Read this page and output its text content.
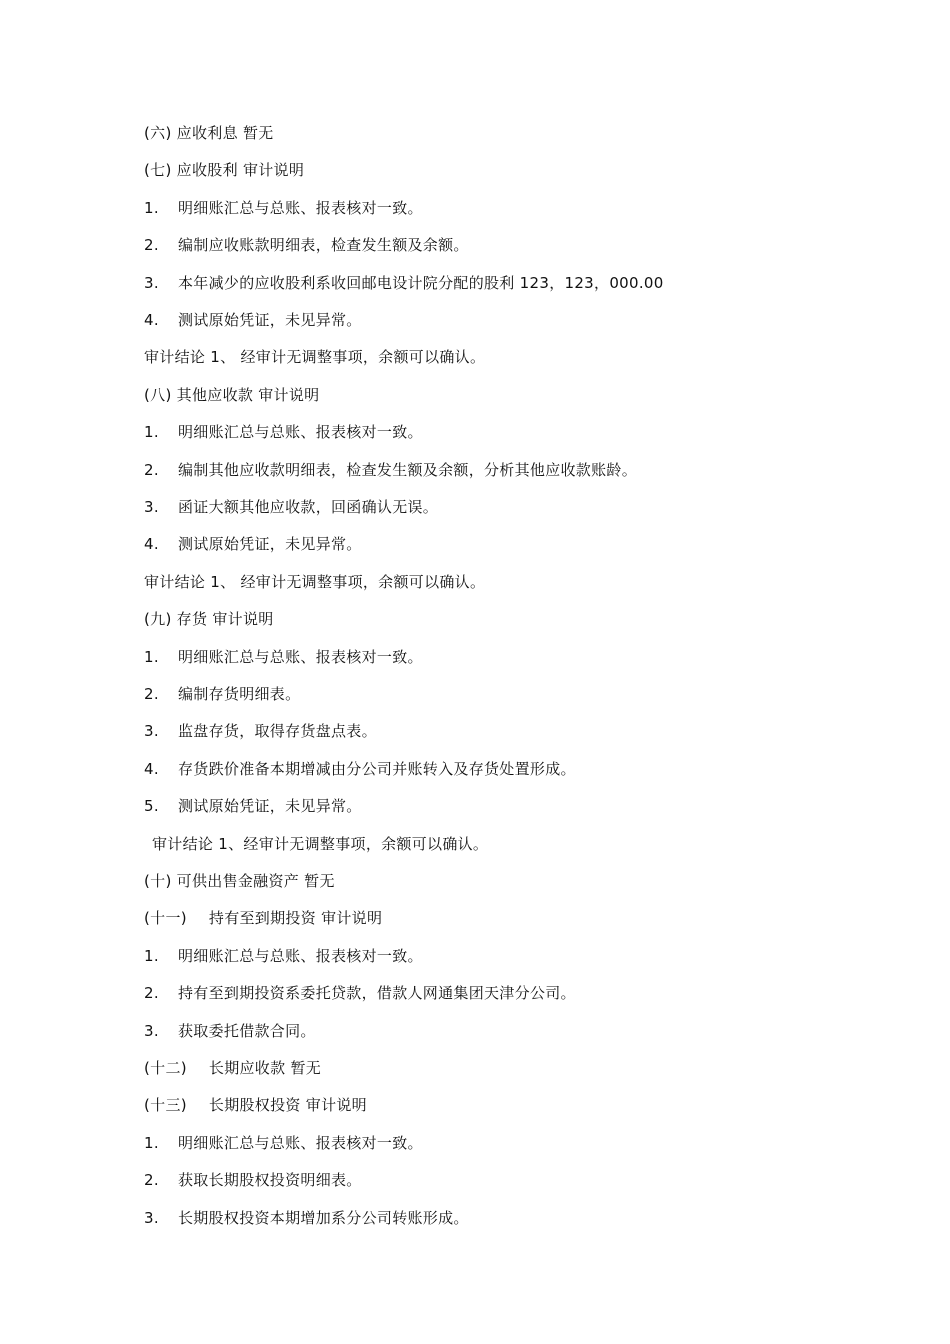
(六) 应收利息 暂无
(七) 应收股利 审计说明
1. 明细账汇总与总账、报表核对一致。
2. 编制应收账款明细表，检查发生额及余额。
3. 本年减少的应收股利系收回邮电设计院分配的股利 123，123，000.00
4. 测试原始凭证，未见异常。
审计结论 1、 经审计无调整事项，余额可以确认。
(八) 其他应收款 审计说明
1. 明细账汇总与总账、报表核对一致。
2. 编制其他应收款明细表，检查发生额及余额，分析其他应收款账龄。
3. 函证大额其他应收款，回函确认无误。
4. 测试原始凭证，未见异常。
审计结论 1、 经审计无调整事项，余额可以确认。
(九) 存货 审计说明
1. 明细账汇总与总账、报表核对一致。
2. 编制存货明细表。
3. 监盘存货，取得存货盘点表。
4. 存货跌价准备本期增减由分公司并账转入及存货处置形成。
5. 测试原始凭证，未见异常。
审计结论 1、经审计无调整事项，余额可以确认。
(十) 可供出售金融资产 暂无
(十一) 持有至到期投资 审计说明
1. 明细账汇总与总账、报表核对一致。
2. 持有至到期投资系委托贷款，借款人网通集团天津分公司。
3. 获取委托借款合同。
(十二) 长期应收款 暂无
(十三) 长期股权投资 审计说明
1. 明细账汇总与总账、报表核对一致。
2. 获取长期股权投资明细表。
3. 长期股权投资本期增加系分公司转账形成。
